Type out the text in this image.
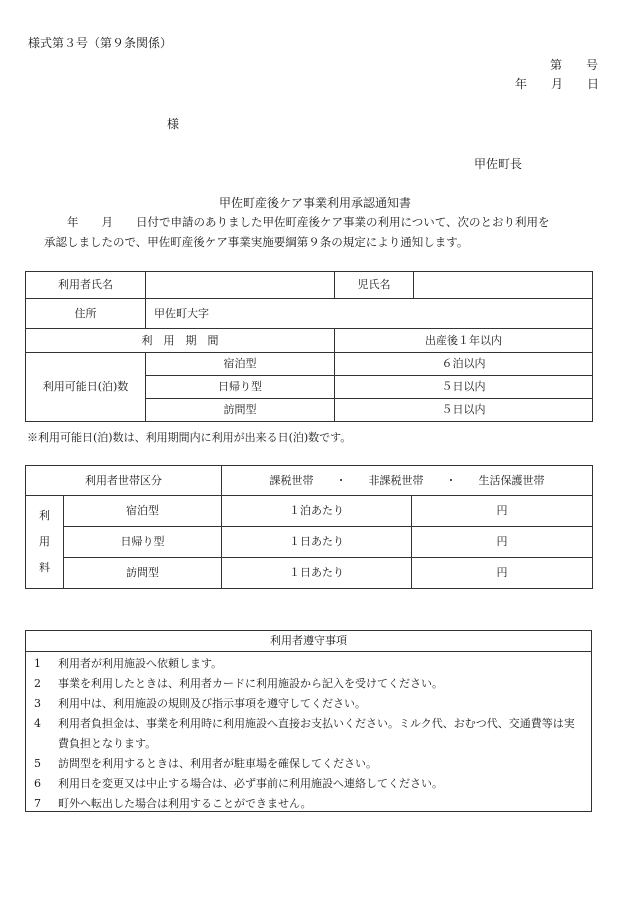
様式第３号（第９条関係）
第　　号
年　　月　　日
様
甲佐町長
甲佐町産後ケア事業利用承認通知書
年　　月　　日付で申請のありました甲佐町産後ケア事業の利用について、次のとおり利用を
承認しましたので、甲佐町産後ケア事業実施要綱第９条の規定により通知します。
利用者氏名		児氏名	
住所	甲佐町大字		
利　用　期　間		出産後１年以内	
利用可能日(泊)数	宿泊型	６泊以内	
	日帰り型	５日以内	
	訪問型	５日以内	
※利用可能日(泊)数は、利用期間内に利用が出来る日(泊)数です。
利用者世帯区分		課税世帯　　・　　非課税世帯　　・　　生活保護世帯	

利
用
料	宿泊型	１泊あたり	円
	日帰り型	１日あたり	円
	訪問型	１日あたり	円
利用者遵守事項
1 利用者が利用施設へ依頼します。
2 事業を利用したときは、利用者カードに利用施設から記入を受けてください。
3 利用中は、利用施設の規則及び指示事項を遵守してください。
4 利用者負担金は、事業を利用時に利用施設へ直接お支払いください。ミルク代、おむつ代、交通費等は実費負担となります。
5 訪問型を利用するときは、利用者が駐車場を確保してください。
6 利用日を変更又は中止する場合は、必ず事前に利用施設へ連絡してください。
7 町外へ転出した場合は利用することができません。
